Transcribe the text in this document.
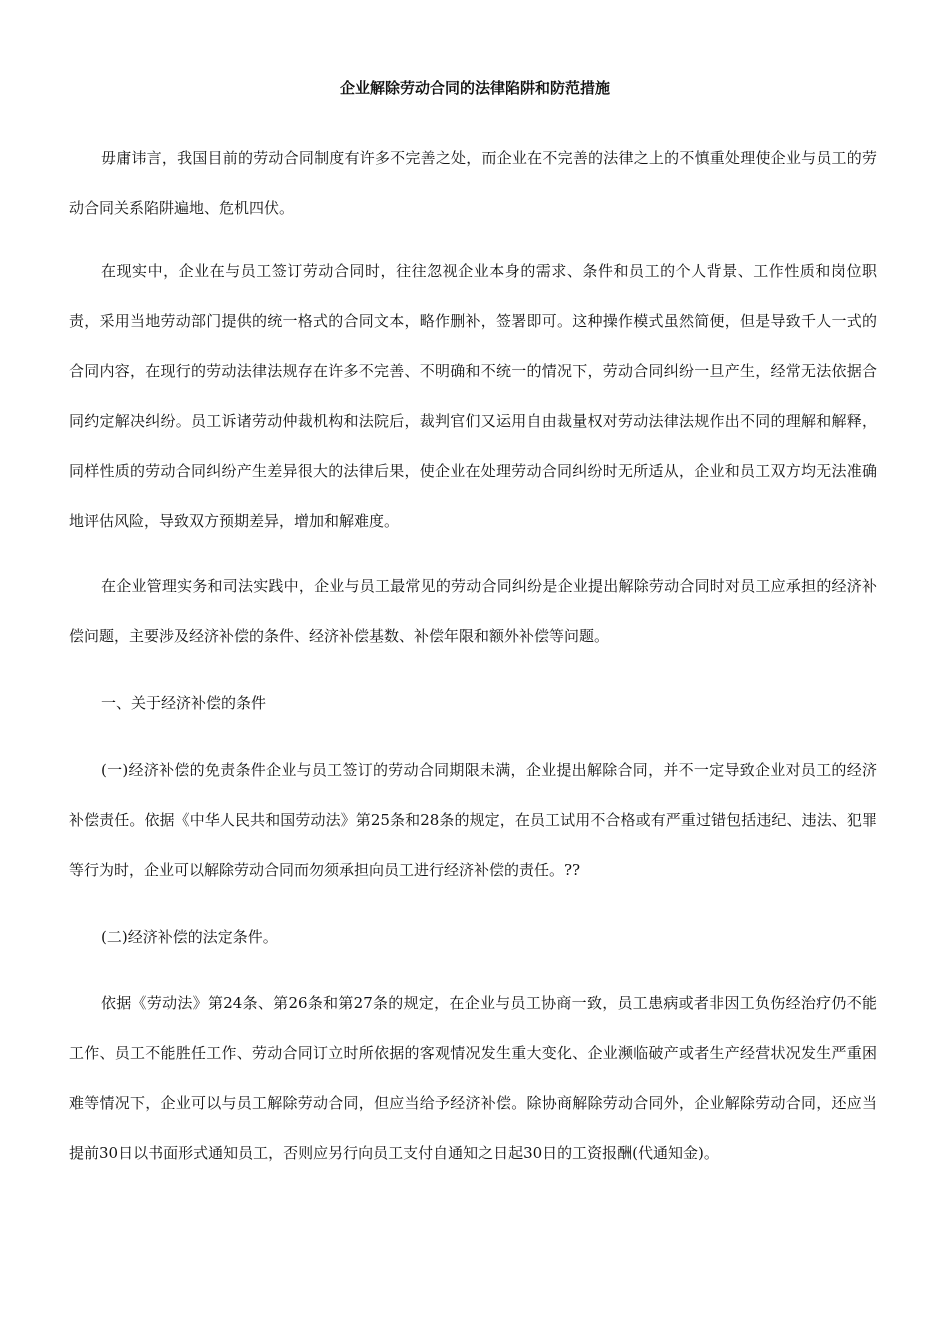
企业解除劳动合同的法律陷阱和防范措施

毋庸讳言，我国目前的劳动合同制度有许多不完善之处，而企业在不完善的法律之上的不慎重处理使企业与员工的劳动合同关系陷阱遍地、危机四伏。

在现实中，企业在与员工签订劳动合同时，往往忽视企业本身的需求、条件和员工的个人背景、工作性质和岗位职责，采用当地劳动部门提供的统一格式的合同文本，略作删补，签署即可。这种操作模式虽然简便，但是导致千人一式的合同内容，在现行的劳动法律法规存在许多不完善、不明确和不统一的情况下，劳动合同纠纷一旦产生，经常无法依据合同约定解决纠纷。员工诉诸劳动仲裁机构和法院后，裁判官们又运用自由裁量权对劳动法律法规作出不同的理解和解释，同样性质的劳动合同纠纷产生差异很大的法律后果，使企业在处理劳动合同纠纷时无所适从，企业和员工双方均无法准确地评估风险，导致双方预期差异，增加和解难度。

在企业管理实务和司法实践中，企业与员工最常见的劳动合同纠纷是企业提出解除劳动合同时对员工应承担的经济补偿问题，主要涉及经济补偿的条件、经济补偿基数、补偿年限和额外补偿等问题。

一、关于经济补偿的条件

(一)经济补偿的免责条件企业与员工签订的劳动合同期限未满，企业提出解除合同，并不一定导致企业对员工的经济补偿责任。依据《中华人民共和国劳动法》第25条和28条的规定，在员工试用不合格或有严重过错包括违纪、违法、犯罪等行为时，企业可以解除劳动合同而勿须承担向员工进行经济补偿的责任。??

(二)经济补偿的法定条件。

依据《劳动法》第24条、第26条和第27条的规定，在企业与员工协商一致，员工患病或者非因工负伤经治疗仍不能工作、员工不能胜任工作、劳动合同订立时所依据的客观情况发生重大变化、企业濒临破产或者生产经营状况发生严重困难等情况下，企业可以与员工解除劳动合同，但应当给予经济补偿。除协商解除劳动合同外，企业解除劳动合同，还应当提前30日以书面形式通知员工，否则应另行向员工支付自通知之日起30日的工资报酬(代通知金)。
